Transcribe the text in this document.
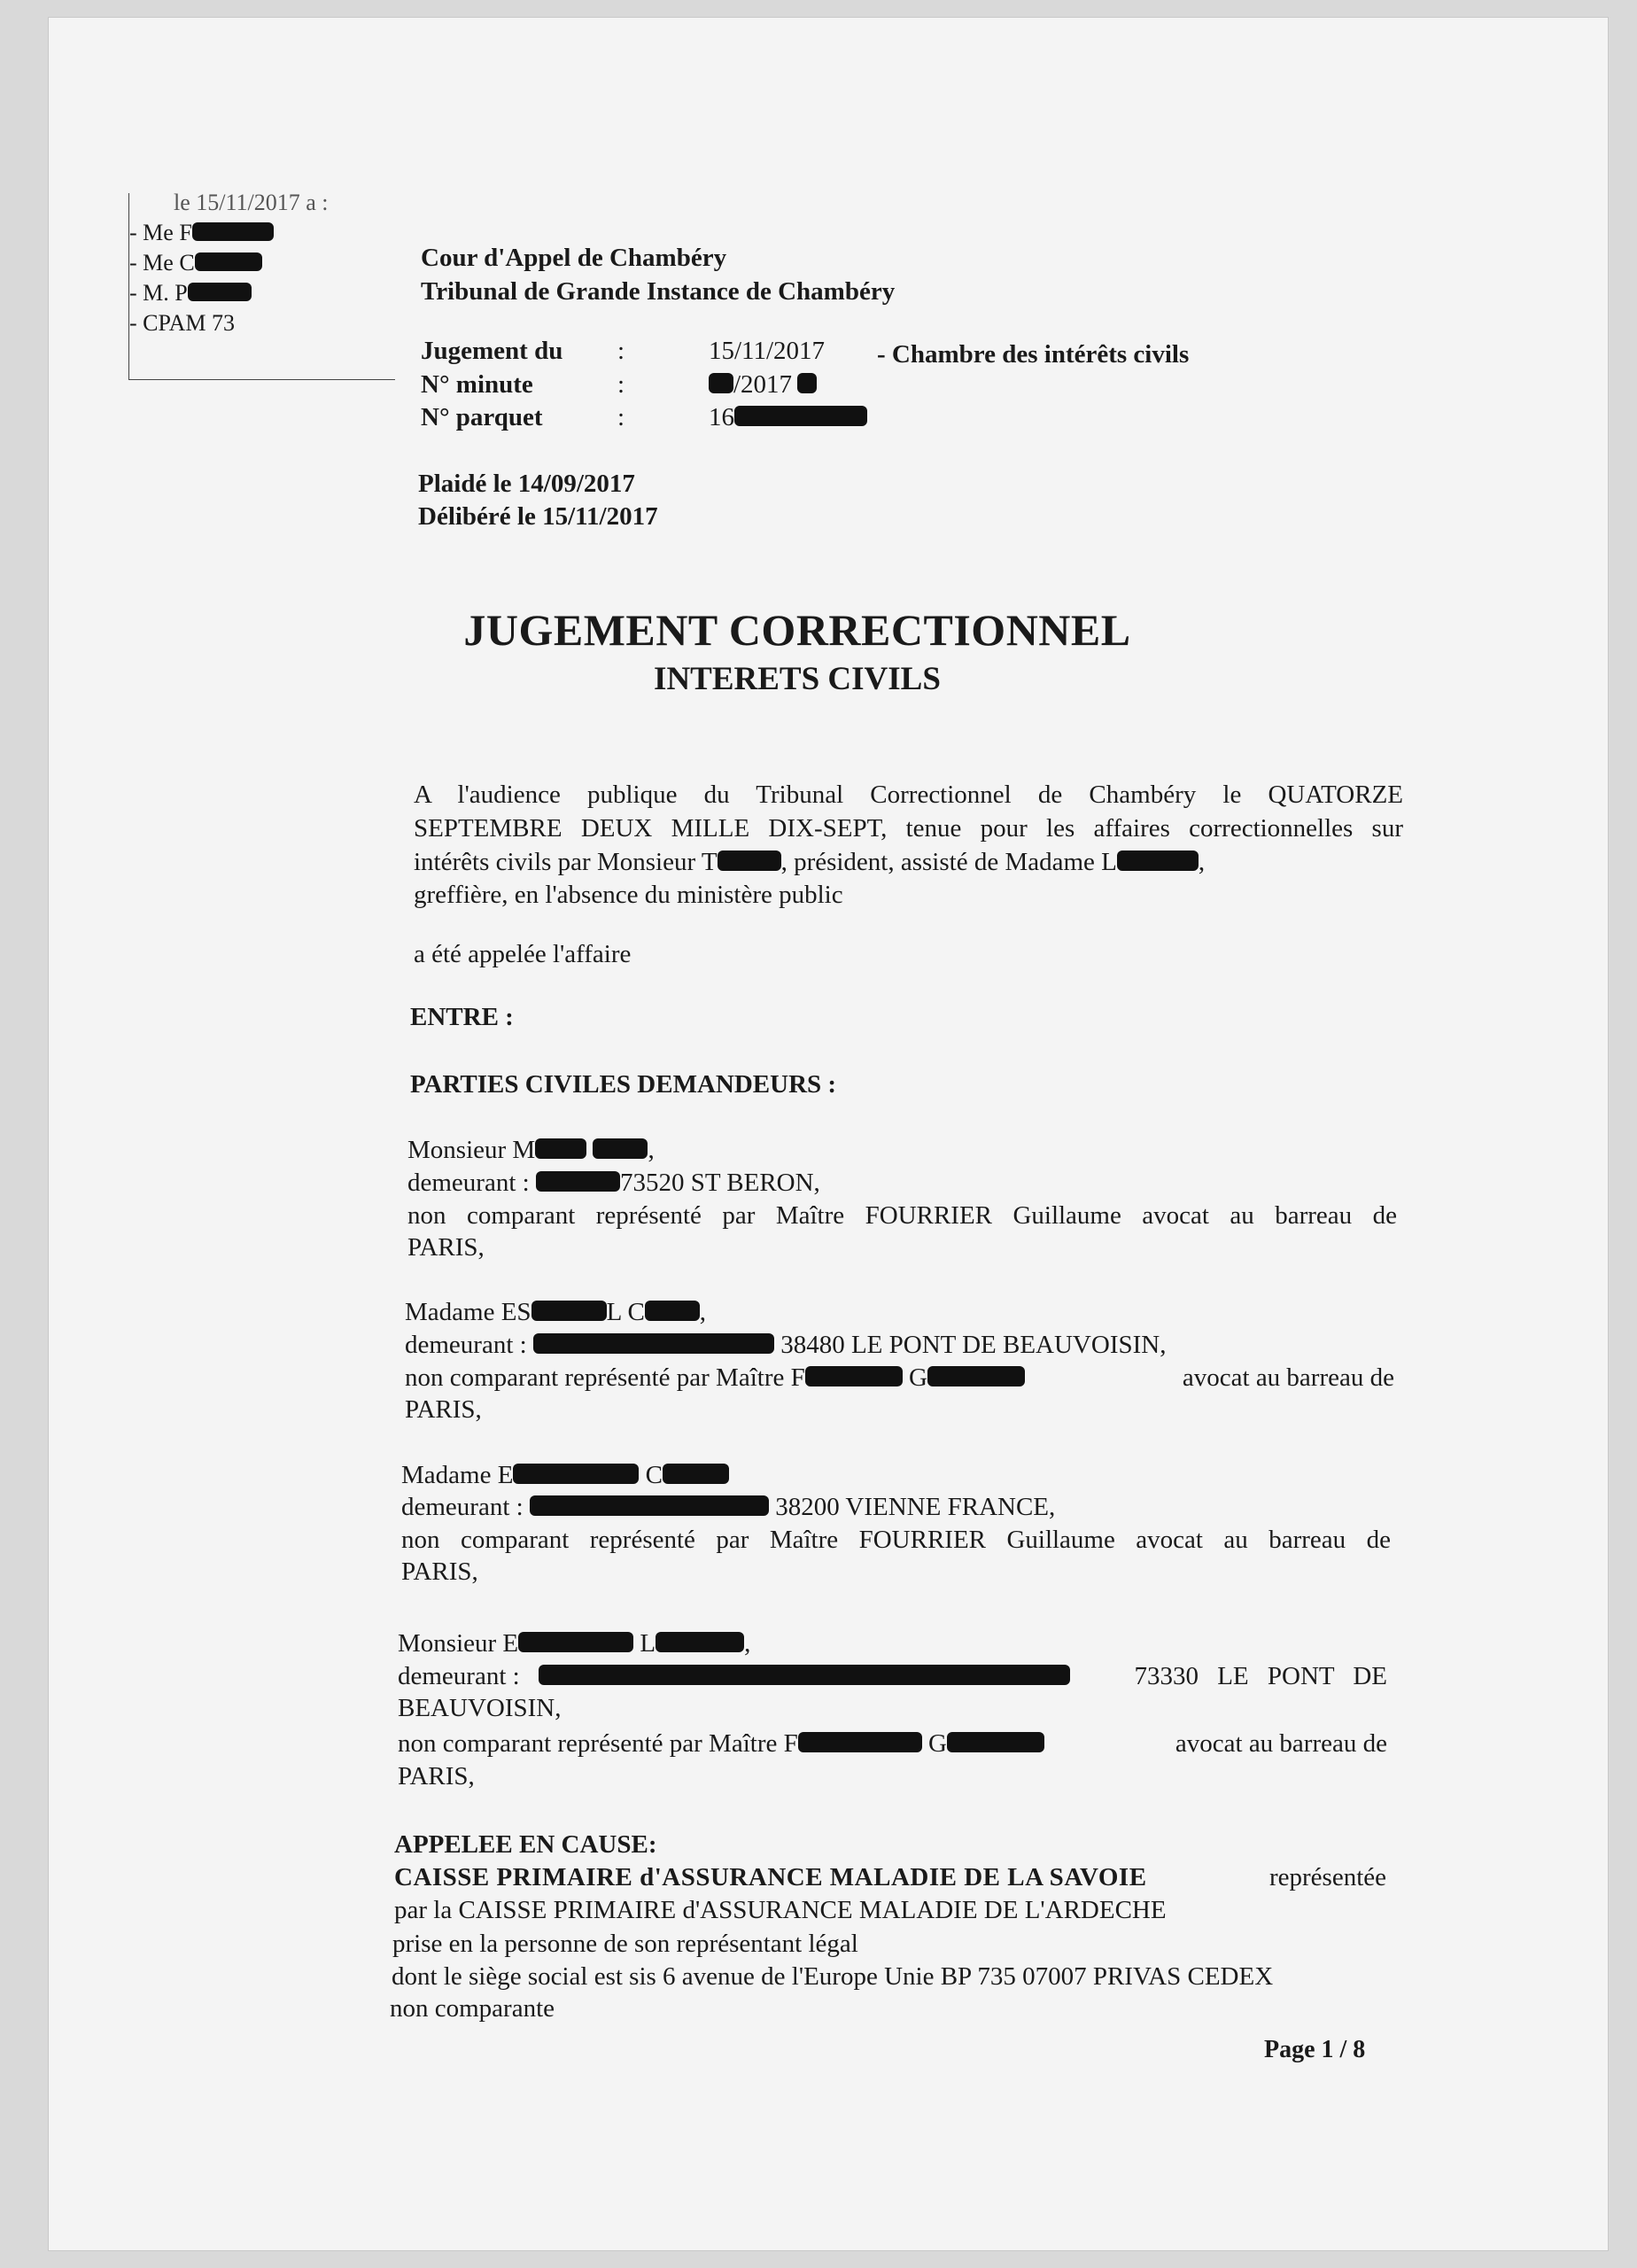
le 15/11/2017 a :
- Me F
- Me C
- M. P
- CPAM 73
Cour d'Appel de Chambéry
Tribunal de Grande Instance de Chambéry
Jugement du :	15/11/2017 - Chambre des intérêts civils
N° minute	:	/2017
N° parquet	:	16
Plaidé le 14/09/2017
Délibéré le 15/11/2017
JUGEMENT CORRECTIONNEL
INTERETS CIVILS
A l'audience publique du Tribunal Correctionnel de Chambéry le QUATORZE
SEPTEMBRE DEUX MILLE DIX-SEPT, tenue pour les affaires correctionnelles sur
intérêts civils par Monsieur T , président, assisté de Madame L	,
greffière, en l'absence du ministère public
a été appelée l'affaire
ENTRE :
PARTIES CIVILES DEMANDEURS :
Monsieur M	,
demeurant :	73520 ST BERON,
non comparant représenté par Maître FOURRIER Guillaume avocat au barreau de
PARIS,
Madame ES	L C ,
demeurant :	38480 LE PONT DE BEAUVOISIN,
non comparant représenté par Maître F	G	avocat au barreau de
PARIS,
Madame E	C
demeurant :	38200 VIENNE FRANCE,
non comparant représenté par Maître FOURRIER Guillaume avocat au barreau de
PARIS,
Monsieur E	L	,
demeurant :	73330 LE PONT DE
BEAUVOISIN,
non comparant représenté par Maître F	G	avocat au barreau de
PARIS,
APPELEE EN CAUSE:
CAISSE PRIMAIRE d'ASSURANCE MALADIE DE LA SAVOIE	représentée
par la CAISSE PRIMAIRE d'ASSURANCE MALADIE DE L'ARDECHE
prise en la personne de son représentant légal
dont le siège social est sis 6 avenue de l'Europe Unie BP 735 07007 PRIVAS CEDEX
non comparante
Page 1 / 8
